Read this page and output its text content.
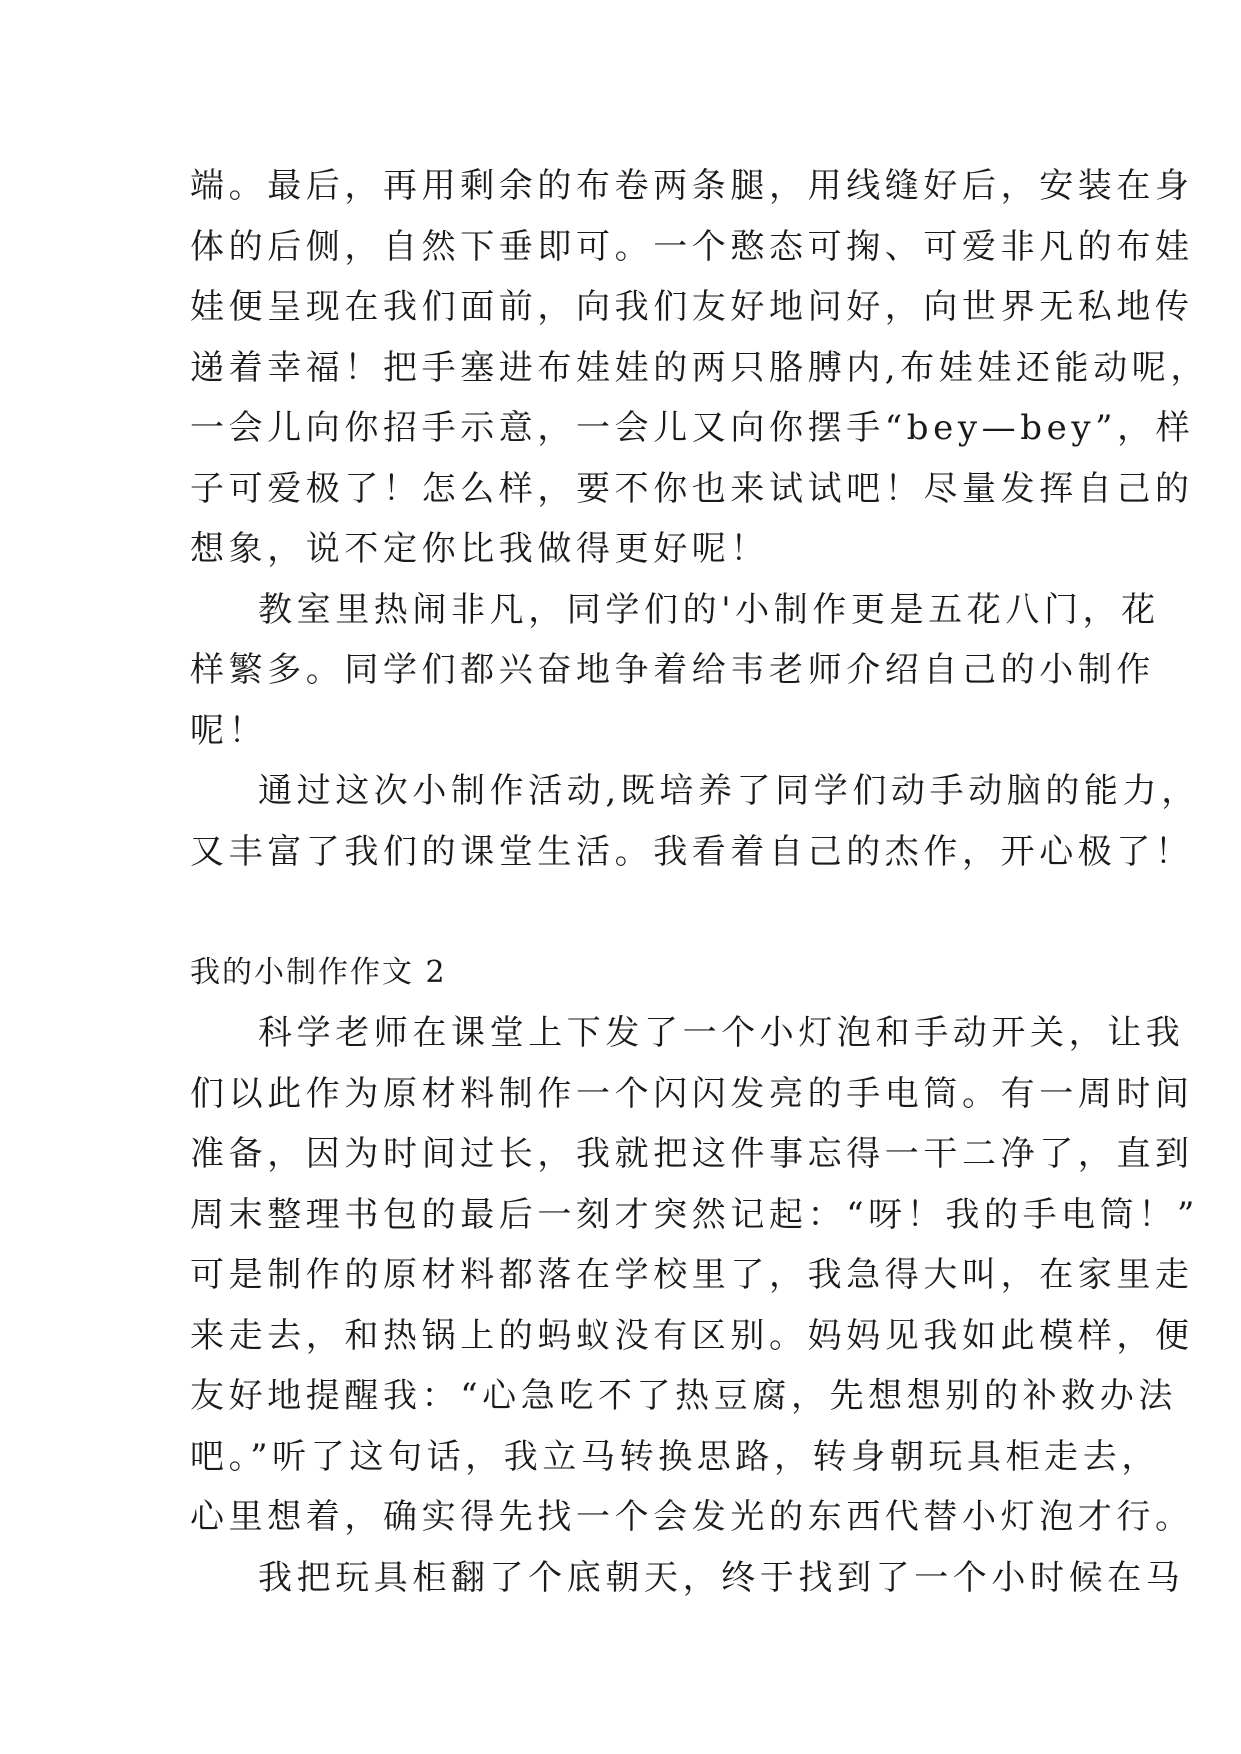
端。最后，再用剩余的布卷两条腿，用线缝好后，安装在身
体的后侧，自然下垂即可。一个憨态可掬、可爱非凡的布娃
娃便呈现在我们面前，向我们友好地问好，向世界无私地传
递着幸福！把手塞进布娃娃的两只胳膊内,布娃娃还能动呢，
一会儿向你招手示意，一会儿又向你摆手“bey—bey”，样
子可爱极了！怎么样，要不你也来试试吧！尽量发挥自己的
想象，说不定你比我做得更好呢！
教室里热闹非凡，同学们的'小制作更是五花八门，花
样繁多。同学们都兴奋地争着给韦老师介绍自己的小制作
呢！
通过这次小制作活动,既培养了同学们动手动脑的能力，
又丰富了我们的课堂生活。我看着自己的杰作，开心极了！
我的小制作作文 2
科学老师在课堂上下发了一个小灯泡和手动开关，让我
们以此作为原材料制作一个闪闪发亮的手电筒。有一周时间
准备，因为时间过长，我就把这件事忘得一干二净了，直到
周末整理书包的最后一刻才突然记起：“呀！我的手电筒！”
可是制作的原材料都落在学校里了，我急得大叫，在家里走
来走去，和热锅上的蚂蚁没有区别。妈妈见我如此模样，便
友好地提醒我：“心急吃不了热豆腐，先想想别的补救办法
吧。”听了这句话，我立马转换思路，转身朝玩具柜走去，
心里想着，确实得先找一个会发光的东西代替小灯泡才行。
我把玩具柜翻了个底朝天，终于找到了一个小时候在马
